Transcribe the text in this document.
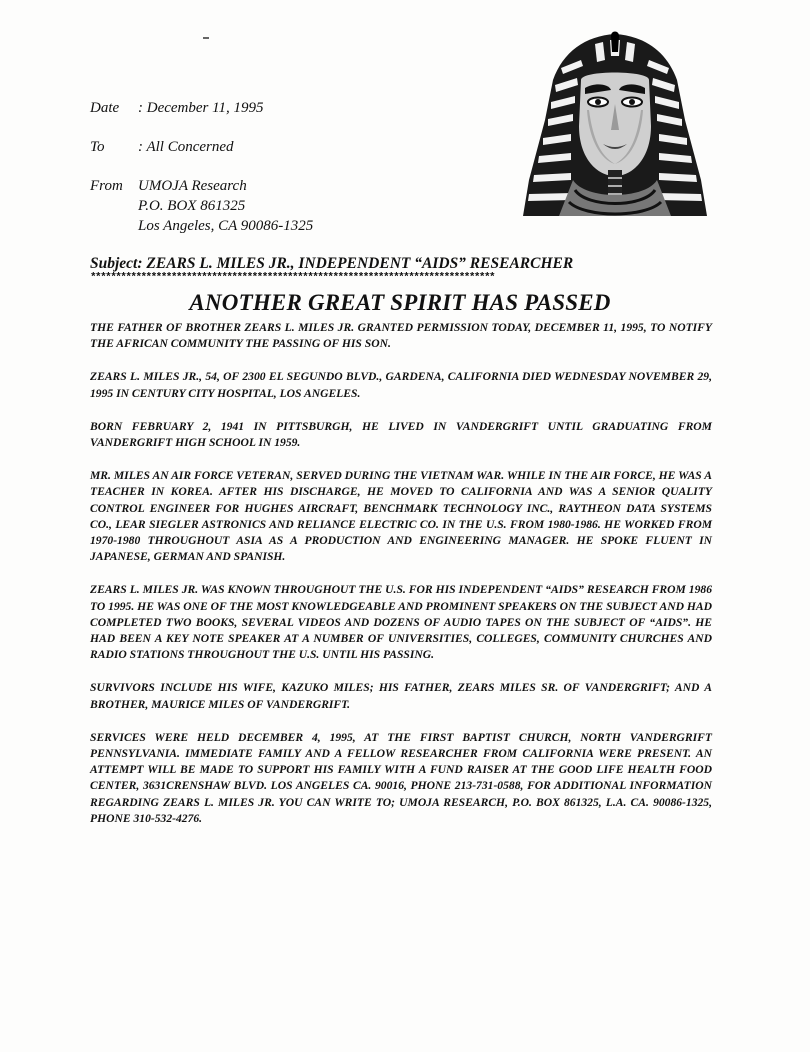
Date : December 11, 1995
To : All Concerned
From UMOJA Research
P.O. BOX 861325
Los Angeles, CA 90086-1325
Subject: ZEARS L. MILES JR., INDEPENDENT “AIDS” RESEARCHER
********************************************************************************
ANOTHER GREAT SPIRIT HAS PASSED

THE FATHER OF BROTHER ZEARS L. MILES JR. GRANTED PERMISSION TODAY, DECEMBER 11, 1995, TO NOTIFY THE AFRICAN COMMUNITY THE PASSING OF HIS SON.

ZEARS L. MILES JR., 54, OF 2300 EL SEGUNDO BLVD., GARDENA, CALIFORNIA DIED WEDNESDAY NOVEMBER 29, 1995 IN CENTURY CITY HOSPITAL, LOS ANGELES.

BORN FEBRUARY 2, 1941 IN PITTSBURGH, HE LIVED IN VANDERGRIFT UNTIL GRADUATING FROM VANDERGRIFT HIGH SCHOOL IN 1959.

MR. MILES AN AIR FORCE VETERAN, SERVED DURING THE VIETNAM WAR. WHILE IN THE AIR FORCE, HE WAS A TEACHER IN KOREA. AFTER HIS DISCHARGE, HE MOVED TO CALIFORNIA AND WAS A SENIOR QUALITY CONTROL ENGINEER FOR HUGHES AIRCRAFT, BENCHMARK TECHNOLOGY INC., RAYTHEON DATA SYSTEMS CO., LEAR SIEGLER ASTRONICS AND RELIANCE ELECTRIC CO. IN THE U.S. FROM 1980-1986. HE WORKED FROM 1970-1980 THROUGHOUT ASIA AS A PRODUCTION AND ENGINEERING MANAGER. HE SPOKE FLUENT IN JAPANESE, GERMAN AND SPANISH.

ZEARS L. MILES JR. WAS KNOWN THROUGHOUT THE U.S. FOR HIS INDEPENDENT “AIDS” RESEARCH FROM 1986 TO 1995. HE WAS ONE OF THE MOST KNOWLEDGEABLE AND PROMINENT SPEAKERS ON THE SUBJECT AND HAD COMPLETED TWO BOOKS, SEVERAL VIDEOS AND DOZENS OF AUDIO TAPES ON THE SUBJECT OF “AIDS”. HE HAD BEEN A KEY NOTE SPEAKER AT A NUMBER OF UNIVERSITIES, COLLEGES, COMMUNITY CHURCHES AND RADIO STATIONS THROUGHOUT THE U.S. UNTIL HIS PASSING.

SURVIVORS INCLUDE HIS WIFE, KAZUKO MILES; HIS FATHER, ZEARS MILES SR. OF VANDERGRIFT; AND A BROTHER, MAURICE MILES OF VANDERGRIFT.

SERVICES WERE HELD DECEMBER 4, 1995, AT THE FIRST BAPTIST CHURCH, NORTH VANDERGRIFT PENNSYLVANIA. IMMEDIATE FAMILY AND A FELLOW RESEARCHER FROM CALIFORNIA WERE PRESENT. AN ATTEMPT WILL BE MADE TO SUPPORT HIS FAMILY WITH A FUND RAISER AT THE GOOD LIFE HEALTH FOOD CENTER, 3631CRENSHAW BLVD. LOS ANGELES CA. 90016, PHONE 213-731-0588, FOR ADDITIONAL INFORMATION REGARDING ZEARS L. MILES JR. YOU CAN WRITE TO; UMOJA RESEARCH, P.O. BOX 861325, L.A. CA. 90086-1325, PHONE 310-532-4276.
